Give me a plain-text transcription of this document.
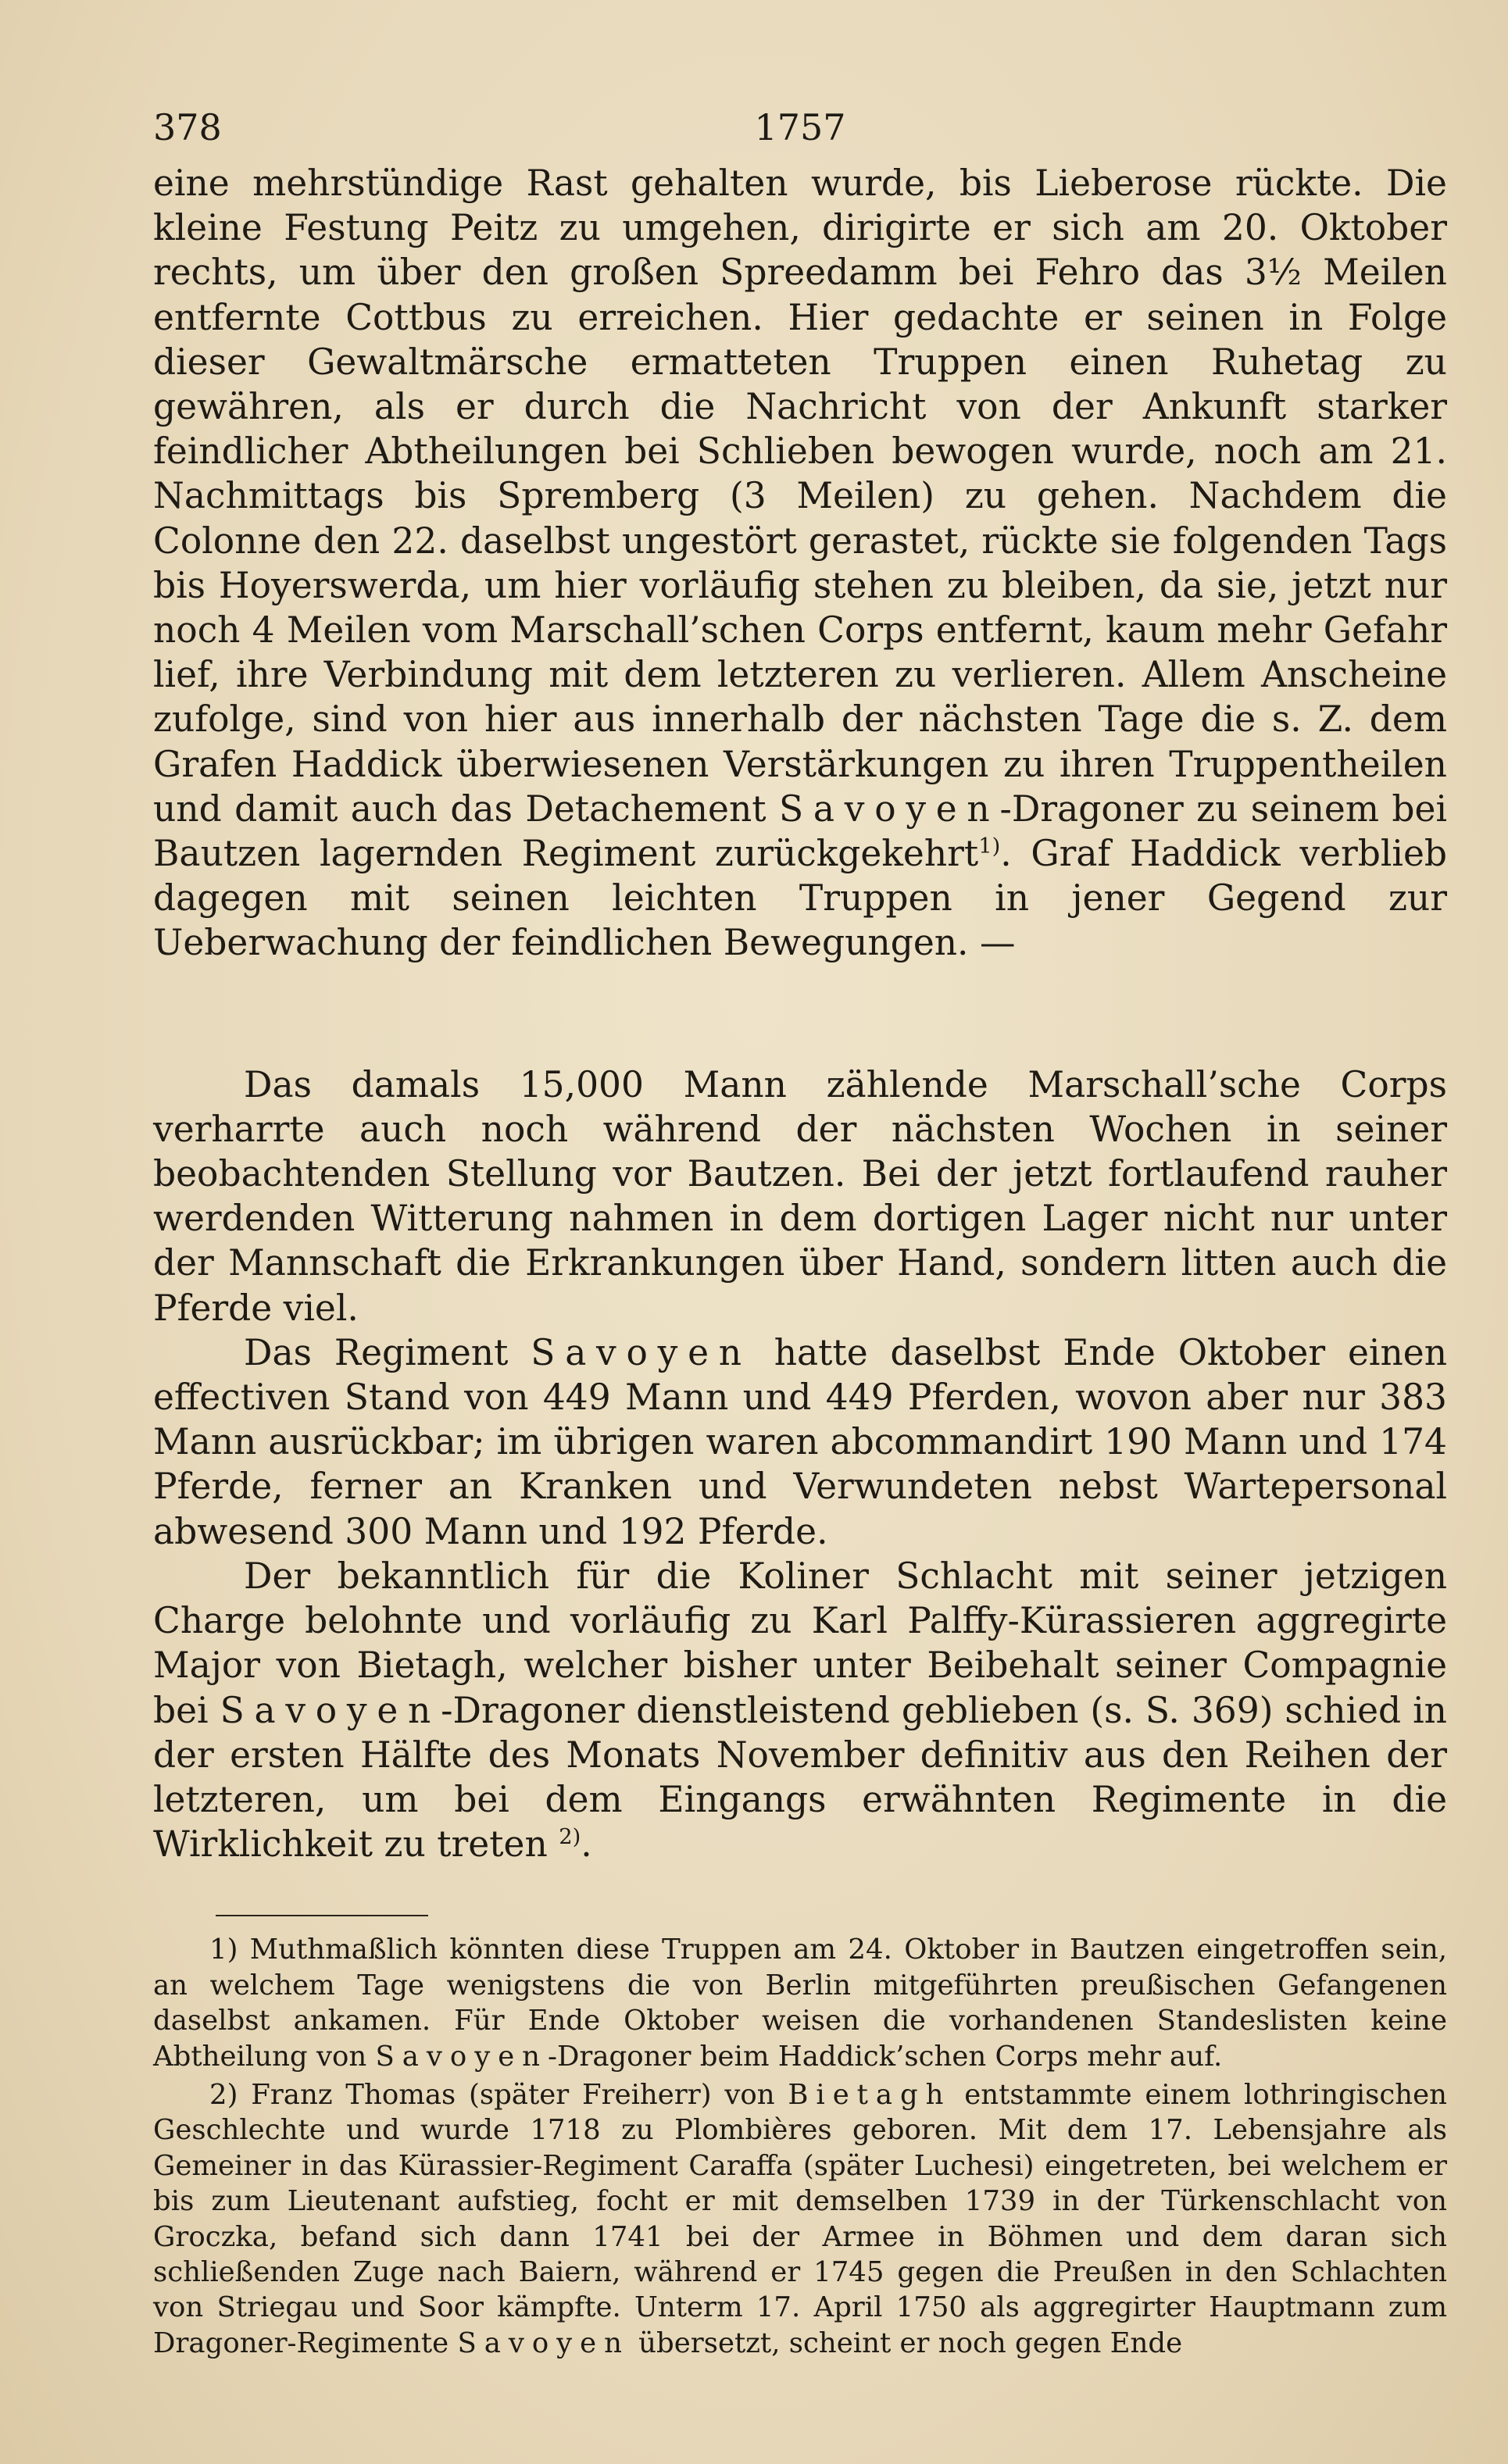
378	1757

eine mehrstündige Rast gehalten wurde, bis Lieberose rückte. Die kleine Festung Peitz zu umgehen, dirigirte er sich am 20. Oktober rechts, um über den großen Spreedamm bei Fehro das 3½ Meilen entfernte Cottbus zu erreichen. Hier gedachte er seinen in Folge dieser Gewaltmärsche ermatteten Truppen einen Ruhetag zu gewähren, als er durch die Nachricht von der Ankunft starker feindlicher Abtheilungen bei Schlieben bewogen wurde, noch am 21. Nachmittags bis Spremberg (3 Meilen) zu gehen. Nachdem die Colonne den 22. daselbst ungestört gerastet, rückte sie folgenden Tags bis Hoyerswerda, um hier vorläufig stehen zu bleiben, da sie, jetzt nur noch 4 Meilen vom Marschall’schen Corps entfernt, kaum mehr Gefahr lief, ihre Verbindung mit dem letzteren zu verlieren. Allem Anscheine zufolge, sind von hier aus innerhalb der nächsten Tage die s. Z. dem Grafen Haddick überwiesenen Verstärkungen zu ihren Truppentheilen und damit auch das Detachement Savoyen-Dragoner zu seinem bei Bautzen lagernden Regiment zurückgekehrt$^{1)}$. Graf Haddick verblieb dagegen mit seinen leichten Truppen in jener Gegend zur Ueberwachung der feindlichen Bewegungen. —

Das damals 15,000 Mann zählende Marschall’sche Corps verharrte auch noch während der nächsten Wochen in seiner beobachtenden Stellung vor Bautzen. Bei der jetzt fortlaufend rauher werdenden Witterung nahmen in dem dortigen Lager nicht nur unter der Mannschaft die Erkrankungen über Hand, sondern litten auch die Pferde viel.

Das Regiment Savoyen hatte daselbst Ende Oktober einen effectiven Stand von 449 Mann und 449 Pferden, wovon aber nur 383 Mann ausrückbar; im übrigen waren abcommandirt 190 Mann und 174 Pferde, ferner an Kranken und Verwundeten nebst Wartepersonal abwesend 300 Mann und 192 Pferde.

Der bekanntlich für die Koliner Schlacht mit seiner jetzigen Charge belohnte und vorläufig zu Karl Palffy-Kürassieren aggregirte Major von Bietagh, welcher bisher unter Beibehalt seiner Compagnie bei Savoyen-Dragoner dienstleistend geblieben (s. S. 369) schied in der ersten Hälfte des Monats November definitiv aus den Reihen der letzteren, um bei dem Eingangs erwähnten Regimente in die Wirklichkeit zu treten $^{2)}$.

1) Muthmaßlich könnten diese Truppen am 24. Oktober in Bautzen eingetroffen sein, an welchem Tage wenigstens die von Berlin mitgeführten preußischen Gefangenen daselbst ankamen. Für Ende Oktober weisen die vorhandenen Standeslisten keine Abtheilung von Savoyen-Dragoner beim Haddick’schen Corps mehr auf.

2) Franz Thomas (später Freiherr) von Bietagh entstammte einem lothringischen Geschlechte und wurde 1718 zu Plombières geboren. Mit dem 17. Lebensjahre als Gemeiner in das Kürassier-Regiment Caraffa (später Luchesi) eingetreten, bei welchem er bis zum Lieutenant aufstieg, focht er mit demselben 1739 in der Türkenschlacht von Groczka, befand sich dann 1741 bei der Armee in Böhmen und dem daran sich schließenden Zuge nach Baiern, während er 1745 gegen die Preußen in den Schlachten von Striegau und Soor kämpfte. Unterm 17. April 1750 als aggregirter Hauptmann zum Dragoner-Regimente Savoyen übersetzt, scheint er noch gegen Ende
